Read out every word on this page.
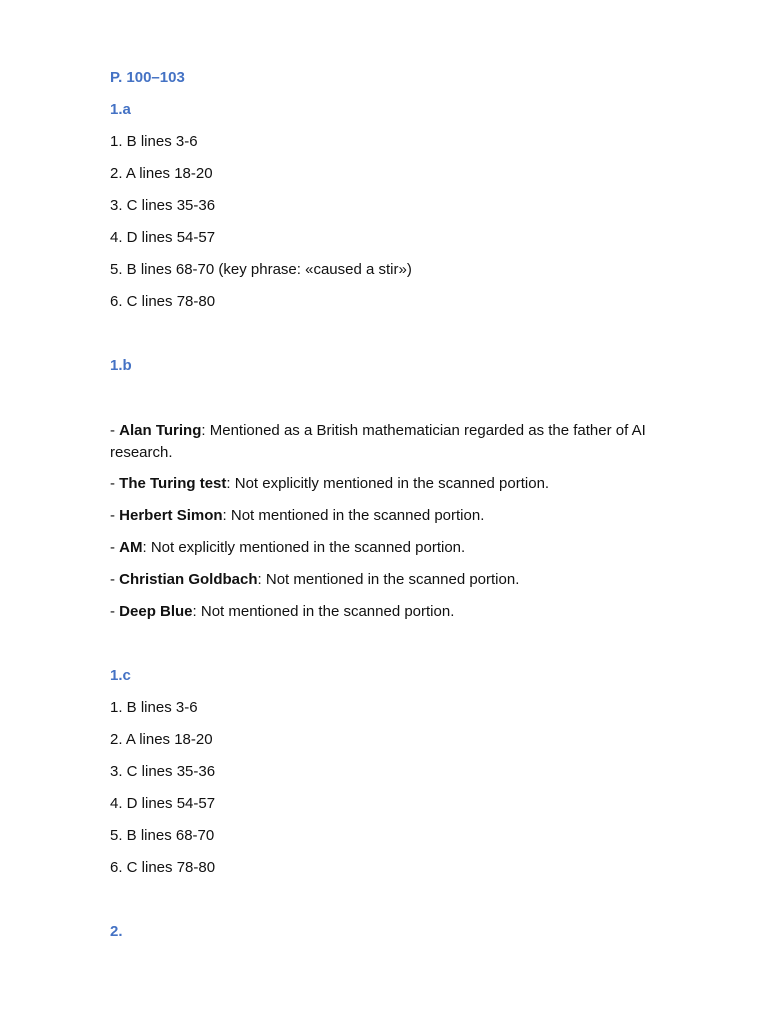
P. 100–103
1.a
1. B lines 3-6
2. A lines 18-20
3. C lines 35-36
4. D lines 54-57
5. B lines 68-70 (key phrase: «caused a stir»)
6. C lines 78-80
1.b
- Alan Turing: Mentioned as a British mathematician regarded as the father of AI research.
- The Turing test: Not explicitly mentioned in the scanned portion.
- Herbert Simon: Not mentioned in the scanned portion.
- AM: Not explicitly mentioned in the scanned portion.
- Christian Goldbach: Not mentioned in the scanned portion.
- Deep Blue: Not mentioned in the scanned portion.
1.c
1. B lines 3-6
2. A lines 18-20
3. C lines 35-36
4. D lines 54-57
5. B lines 68-70
6. C lines 78-80
2.
